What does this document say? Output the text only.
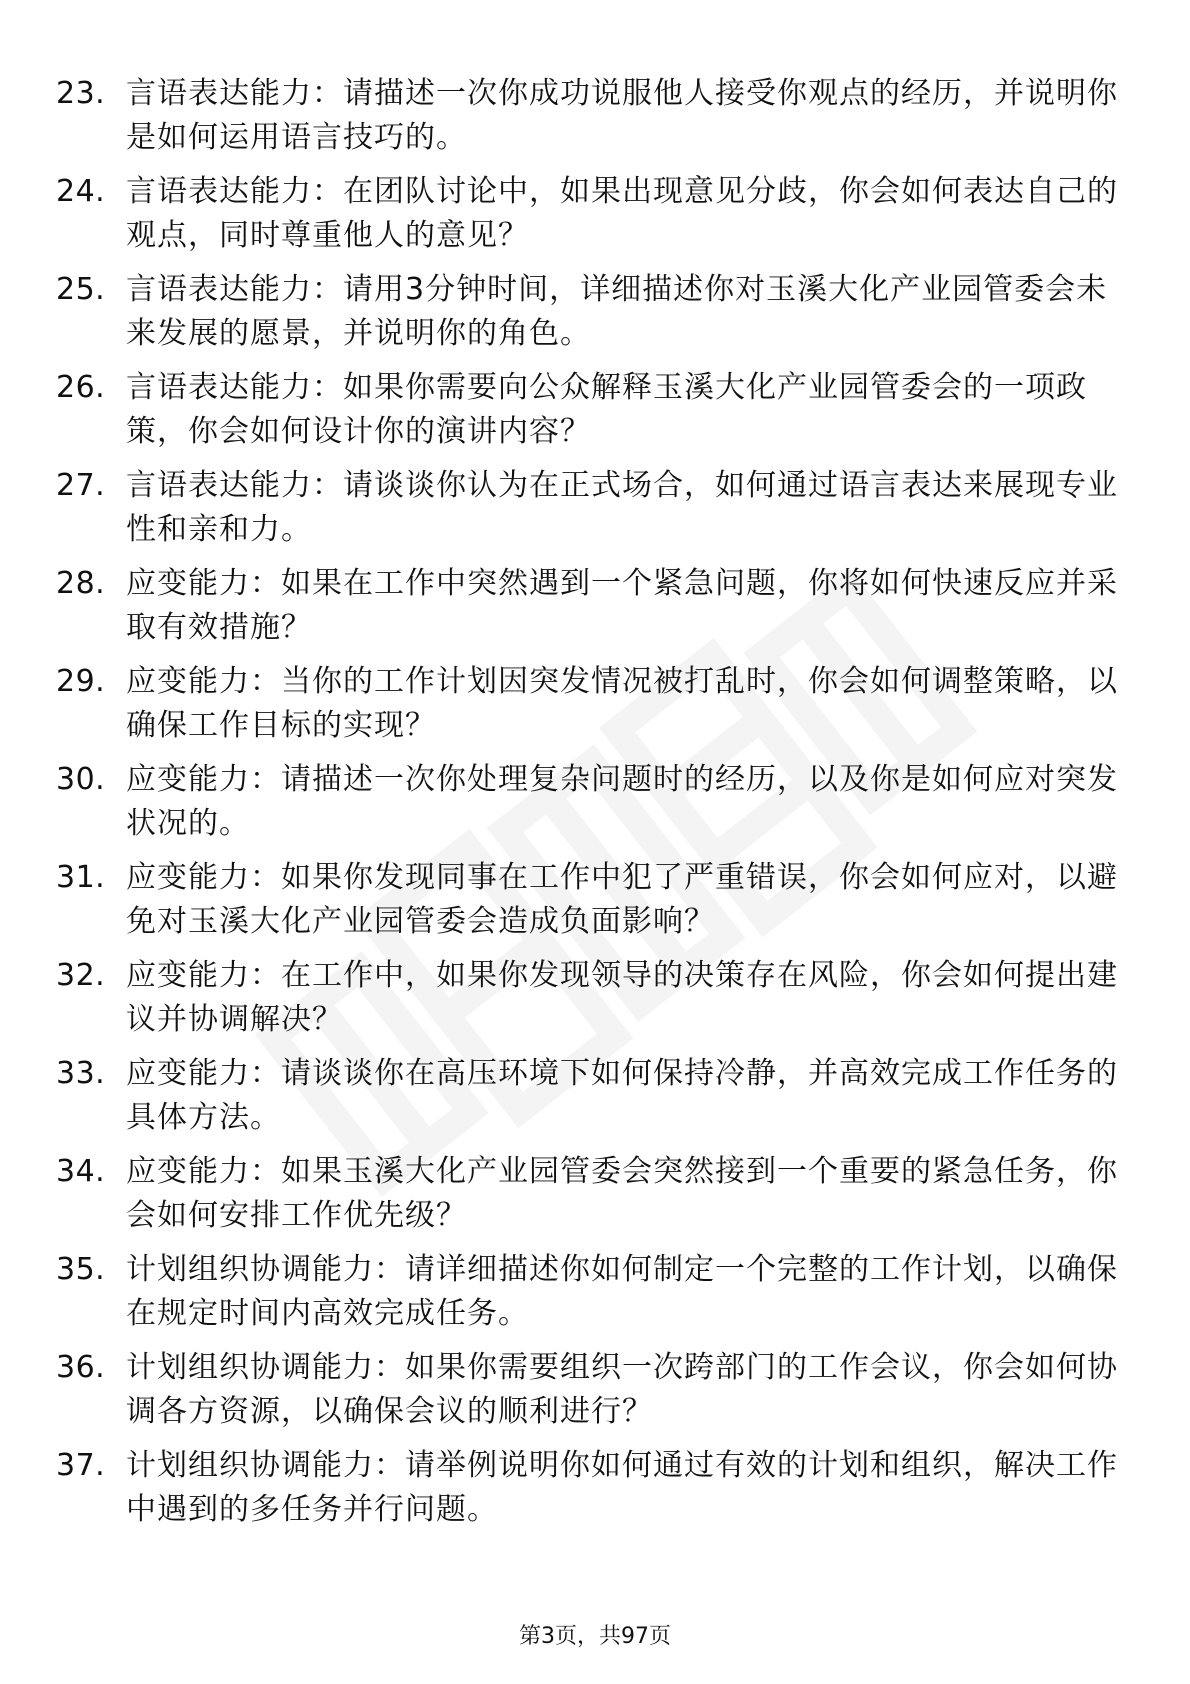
23. 言语表达能力：请描述一次你成功说服他人接受你观点的经历，并说明你是如何运用语言技巧的。
24. 言语表达能力：在团队讨论中，如果出现意见分歧，你会如何表达自己的观点，同时尊重他人的意见？
25. 言语表达能力：请用3分钟时间，详细描述你对玉溪大化产业园管委会未来发展的愿景，并说明你的角色。
26. 言语表达能力：如果你需要向公众解释玉溪大化产业园管委会的一项政策，你会如何设计你的演讲内容？
27. 言语表达能力：请谈谈你认为在正式场合，如何通过语言表达来展现专业性和亲和力。
28. 应变能力：如果在工作中突然遇到一个紧急问题，你将如何快速反应并采取有效措施？
29. 应变能力：当你的工作计划因突发情况被打乱时，你会如何调整策略，以确保工作目标的实现？
30. 应变能力：请描述一次你处理复杂问题时的经历，以及你是如何应对突发状况的。
31. 应变能力：如果你发现同事在工作中犯了严重错误，你会如何应对，以避免对玉溪大化产业园管委会造成负面影响？
32. 应变能力：在工作中，如果你发现领导的决策存在风险，你会如何提出建议并协调解决？
33. 应变能力：请谈谈你在高压环境下如何保持冷静，并高效完成工作任务的具体方法。
34. 应变能力：如果玉溪大化产业园管委会突然接到一个重要的紧急任务，你会如何安排工作优先级？
35. 计划组织协调能力：请详细描述你如何制定一个完整的工作计划，以确保在规定时间内高效完成任务。
36. 计划组织协调能力：如果你需要组织一次跨部门的工作会议，你会如何协调各方资源，以确保会议的顺利进行？
37. 计划组织协调能力：请举例说明你如何通过有效的计划和组织，解决工作中遇到的多任务并行问题。
第3页，共97页
